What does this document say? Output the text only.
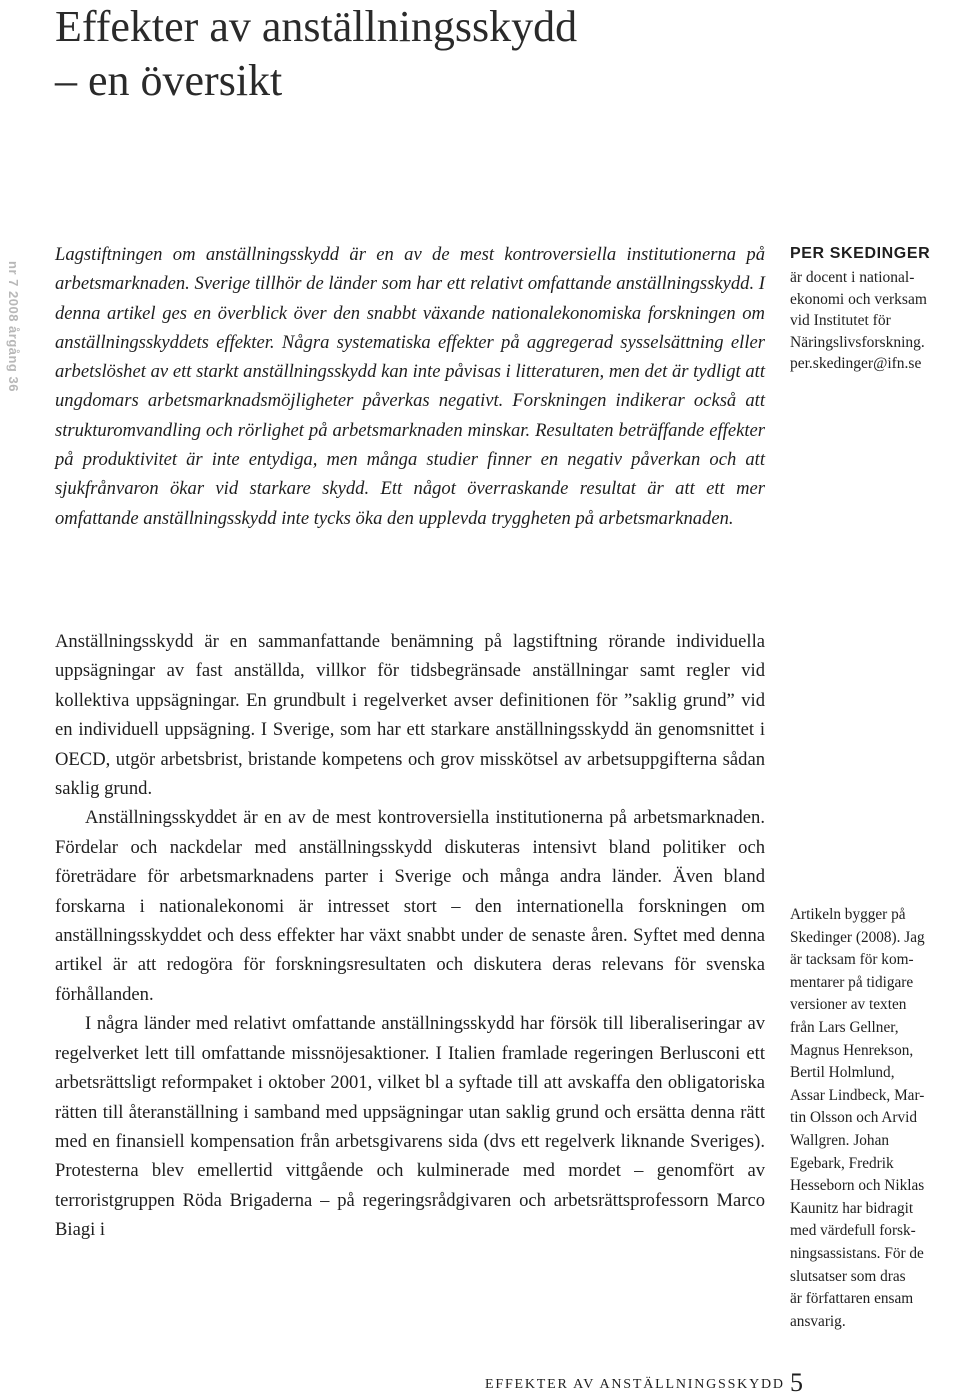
Effekter av anställningsskydd
– en översikt
nr 7 2008 årgång 36

Lagstiftningen om anställningsskydd är en av de mest kontroversiella institutionerna på arbetsmarknaden. Sverige tillhör de länder som har ett relativt omfattande anställningsskydd. I denna artikel ges en överblick över den snabbt växande nationalekonomiska forskningen om anställningsskyddets effekter. Några systematiska effekter på aggregerad sysselsättning eller arbetslöshet av ett starkt anställningsskydd kan inte påvisas i litteraturen, men det är tydligt att ungdomars arbetsmarknadsmöjligheter påverkas negativt. Forskningen indikerar också att strukturomvandling och rörlighet på arbetsmarknaden minskar. Resultaten beträffande effekter på produktivitet är inte entydiga, men många studier finner en negativ påverkan och att sjukfrånvaron ökar vid starkare skydd. Ett något överraskande resultat är att ett mer omfattande anställningsskydd inte tycks öka den upplevda tryggheten på arbetsmarknaden.

PER SKEDINGER
är docent i national-
ekonomi och verksam
vid Institutet för
Näringslivsforskning.
per.skedinger@ifn.se

Anställningsskydd är en sammanfattande benämning på lagstiftning rörande individuella uppsägningar av fast anställda, villkor för tidsbegränsade anställningar samt regler vid kollektiva uppsägningar. En grundbult i regelverket avser definitionen för ”saklig grund” vid en individuell uppsägning. I Sverige, som har ett starkare anställningsskydd än genomsnittet i OECD, utgör arbetsbrist, bristande kompetens och grov misskötsel av arbetsuppgifterna sådan saklig grund.

Anställningsskyddet är en av de mest kontroversiella institutionerna på arbetsmarknaden. Fördelar och nackdelar med anställningsskydd diskuteras intensivt bland politiker och företrädare för arbetsmarknadens parter i Sverige och många andra länder. Även bland forskarna i nationalekonomi är intresset stort – den internationella forskningen om anställningsskyddet och dess effekter har växt snabbt under de senaste åren. Syftet med denna artikel är att redogöra för forskningsresultaten och diskutera deras relevans för svenska förhållanden.

I några länder med relativt omfattande anställningsskydd har försök till liberaliseringar av regelverket lett till omfattande missnöjesaktioner. I Italien framlade regeringen Berlusconi ett arbetsrättsligt reformpaket i oktober 2001, vilket bl a syftade till att avskaffa den obligatoriska rätten till återanställning i samband med uppsägningar utan saklig grund och ersätta denna rätt med en finansiell kompensation från arbetsgivarens sida (dvs ett regelverk liknande Sveriges). Protesterna blev emellertid vittgående och kulminerade med mordet – genomfört av terroristgruppen Röda Brigaderna – på regeringsrådgivaren och arbetsrättsprofessorn Marco Biagi i

Artikeln bygger på
Skedinger (2008). Jag
är tacksam för kom-
mentarer på tidigare
versioner av texten
från Lars Gellner,
Magnus Henrekson,
Bertil Holmlund,
Assar Lindbeck, Mar-
tin Olsson och Arvid
Wallgren. Johan
Egebark, Fredrik
Hesseborn och Niklas
Kaunitz har bidragit
med värdefull forsk-
ningsassistans. För de
slutsatser som dras
är författaren ensam
ansvarig.
EFFEKTER AV ANSTÄLLNINGSSKYDD 5
